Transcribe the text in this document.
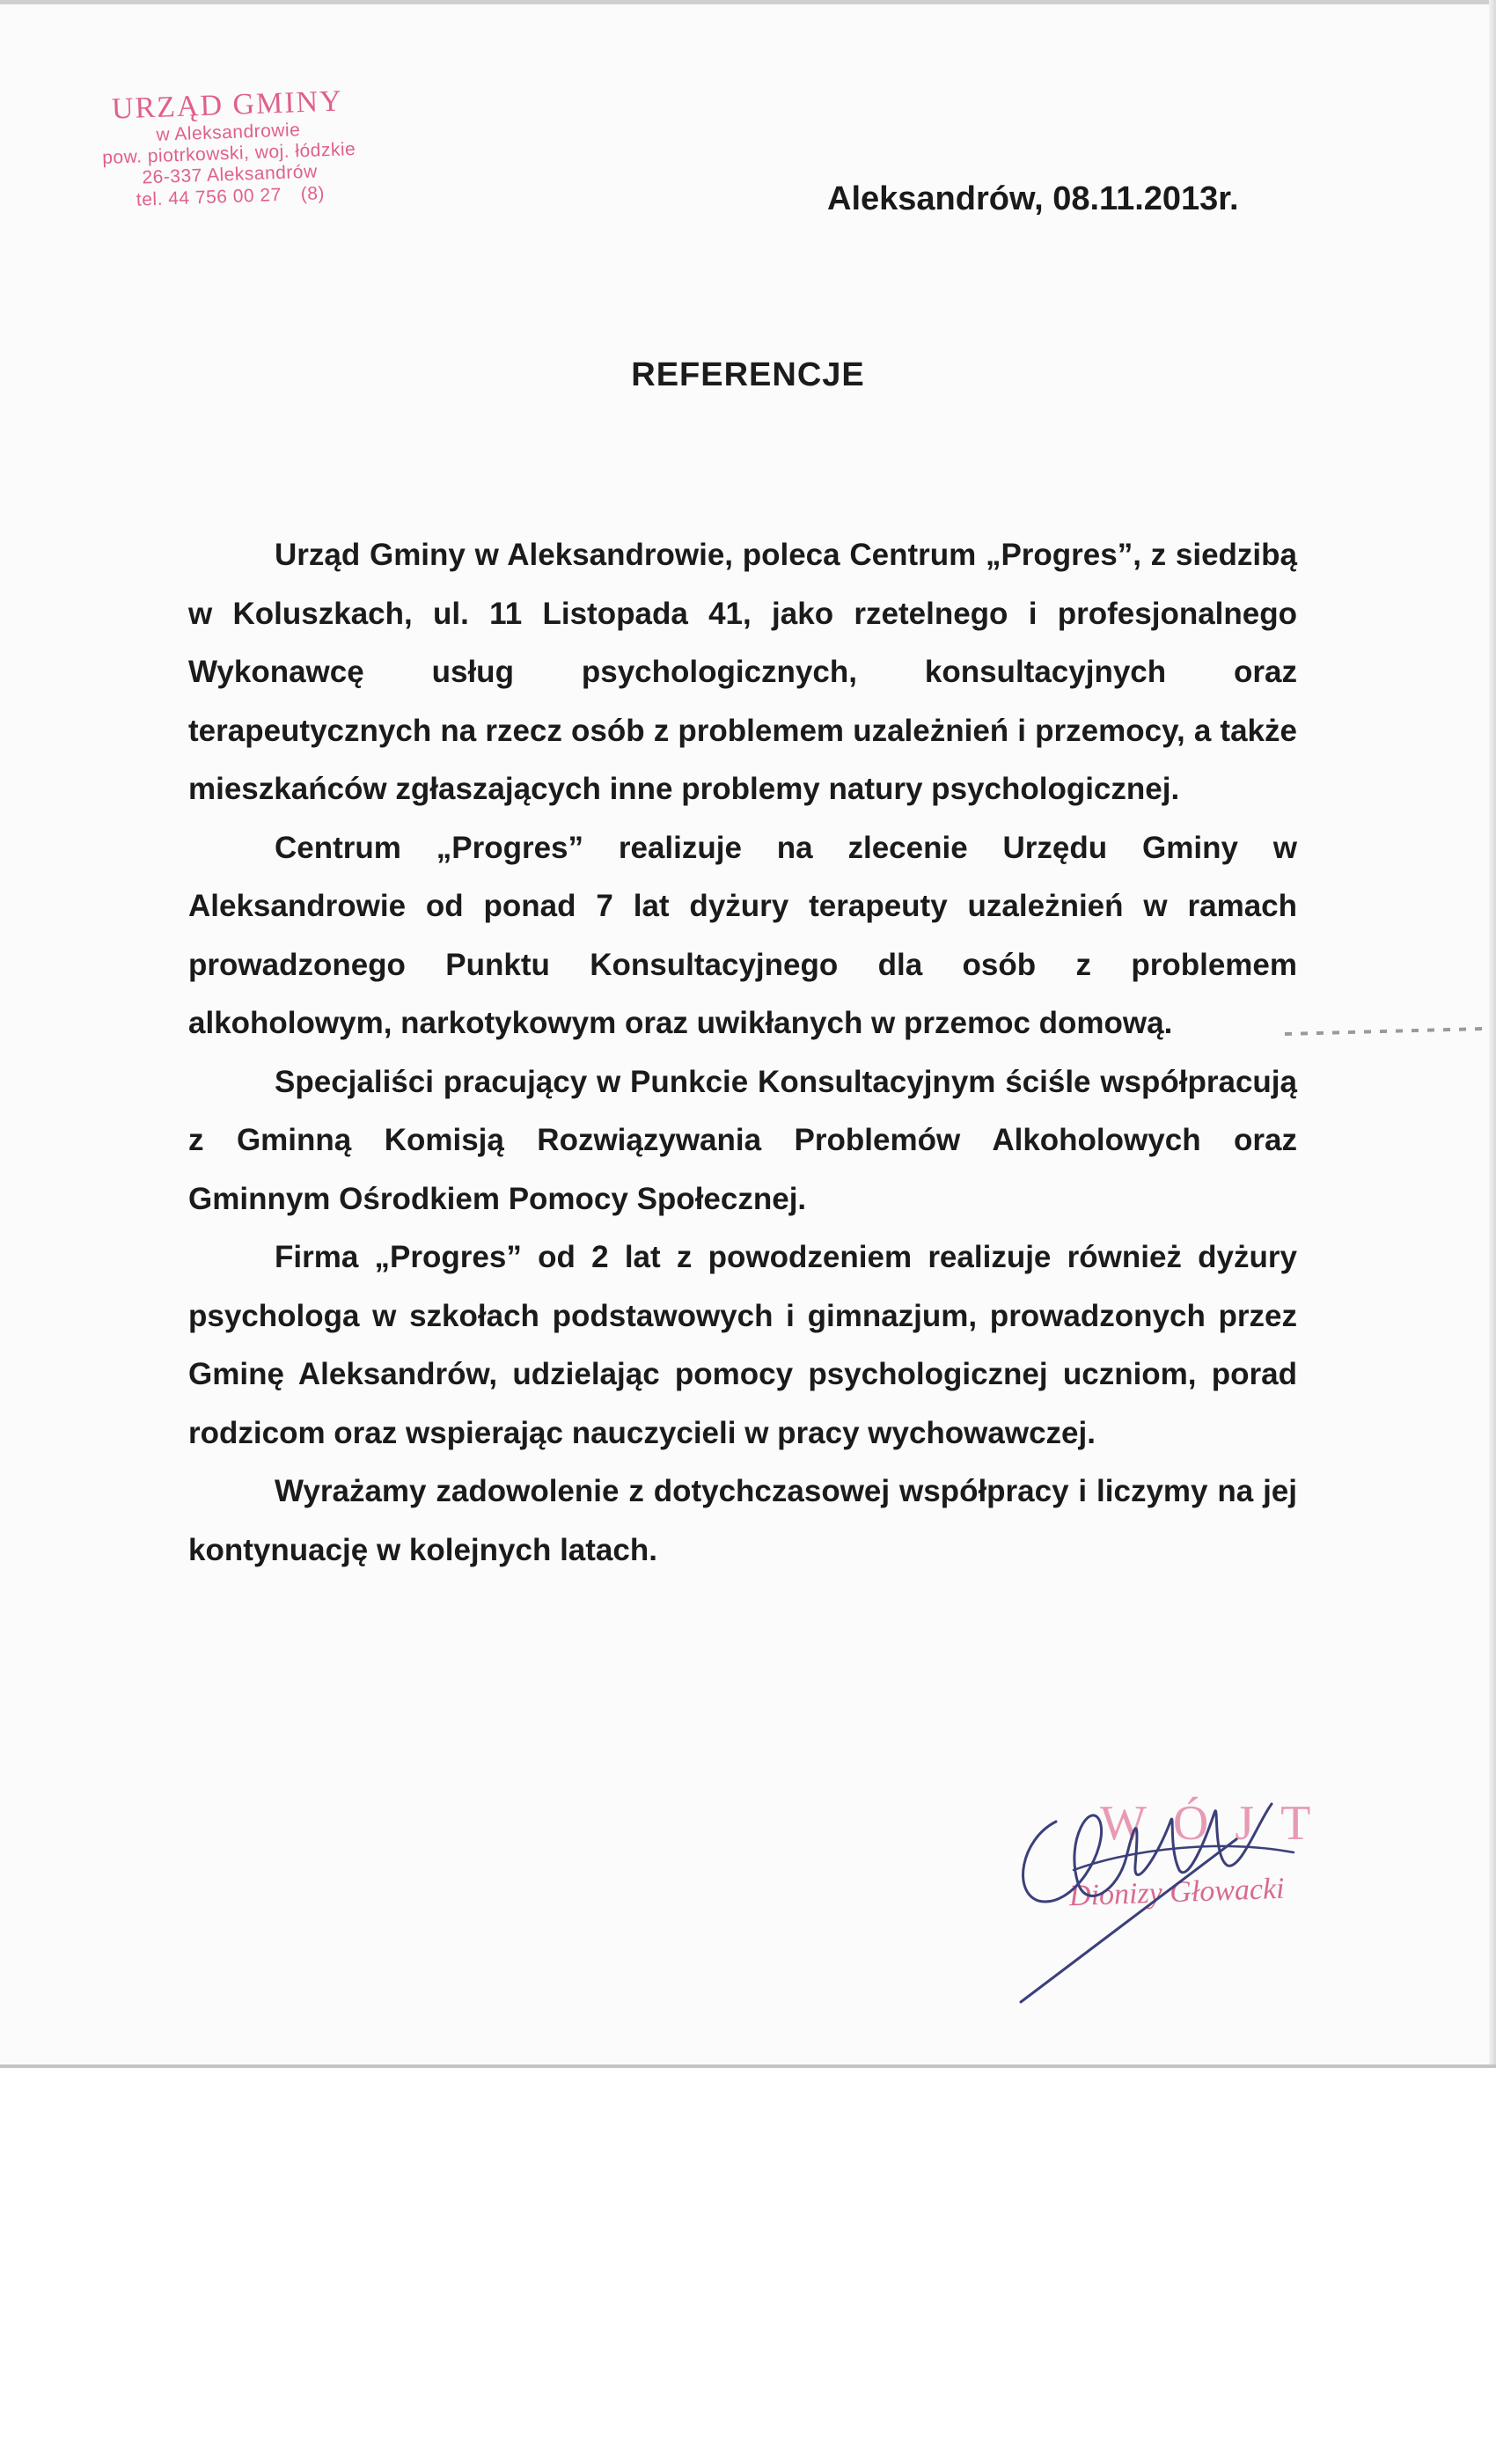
URZĄD GMINY
w Aleksandrowie
pow. piotrkowski, woj. łódzkie
26-337 Aleksandrów
tel. 44 756 00 27 (8)	Aleksandrów, 08.11.2013r.
REFERENCJE

Urząd Gminy w Aleksandrowie, poleca Centrum „Progres”, z siedzibą w Koluszkach, ul. 11 Listopada 41, jako rzetelnego i profesjonalnego Wykonawcę usług psychologicznych, konsultacyjnych oraz terapeutycznych na rzecz osób z problemem uzależnień i przemocy, a także mieszkańców zgłaszających inne problemy natury psychologicznej.

Centrum „Progres” realizuje na zlecenie Urzędu Gminy w Aleksandrowie od ponad 7 lat dyżury terapeuty uzależnień w ramach prowadzonego Punktu Konsultacyjnego dla osób z problemem alkoholowym, narkotykowym oraz uwikłanych w przemoc domową.

Specjaliści pracujący w Punkcie Konsultacyjnym ściśle współpracują z Gminną Komisją Rozwiązywania Problemów Alkoholowych oraz Gminnym Ośrodkiem Pomocy Społecznej.

Firma „Progres” od 2 lat z powodzeniem realizuje również dyżury psychologa w szkołach podstawowych i gimnazjum, prowadzonych przez Gminę Aleksandrów, udzielając pomocy psychologicznej uczniom, porad rodzicom oraz wspierając nauczycieli w pracy wychowawczej.

Wyrażamy zadowolenie z dotychczasowej współpracy i liczymy na jej kontynuację w kolejnych latach.

WÓJT
Dionizy Głowacki
